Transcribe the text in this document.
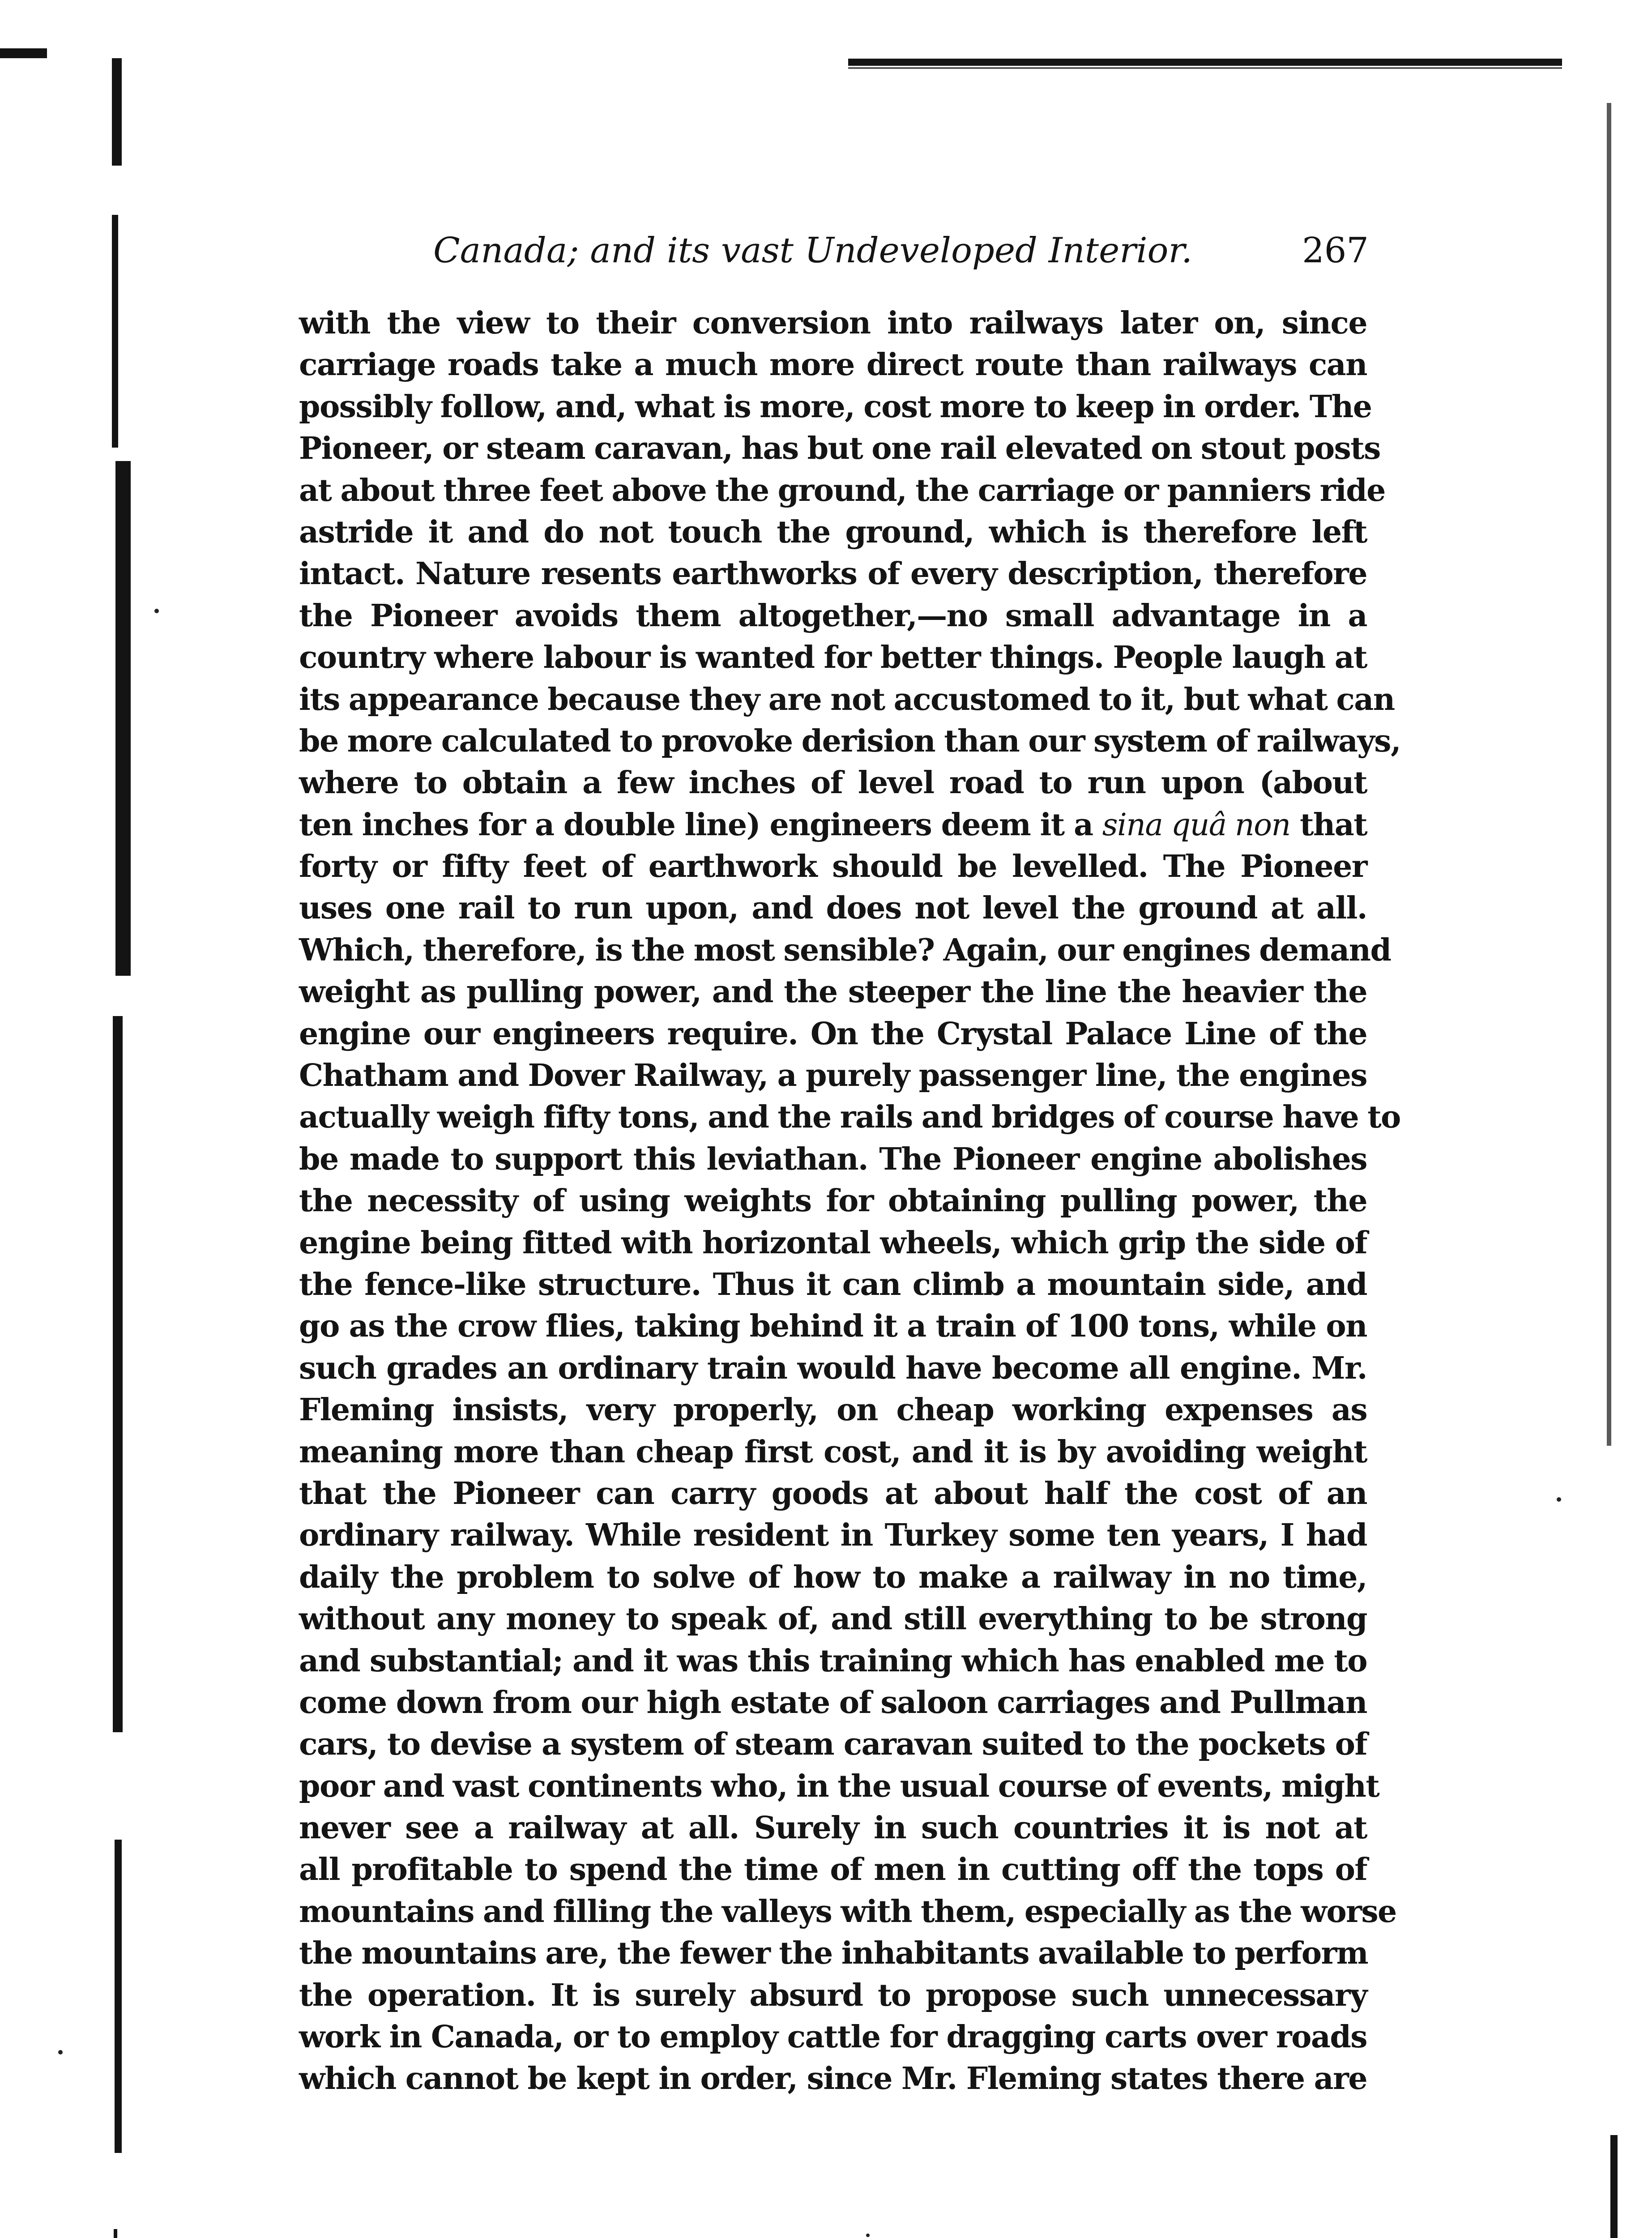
Canada; and its vast Undeveloped Interior.	267
with the view to their conversion into railways later on, since
carriage roads take a much more direct route than railways can
possibly follow, and, what is more, cost more to keep in order. The
Pioneer, or steam caravan, has but one rail elevated on stout posts
at about three feet above the ground, the carriage or panniers ride
astride it and do not touch the ground, which is therefore left
intact. Nature resents earthworks of every description, therefore
the Pioneer avoids them altogether,—no small advantage in a
country where labour is wanted for better things. People laugh at
its appearance because they are not accustomed to it, but what can
be more calculated to provoke derision than our system of railways,
where to obtain a few inches of level road to run upon (about
ten inches for a double line) engineers deem it a sina quâ non that
forty or fifty feet of earthwork should be levelled. The Pioneer
uses one rail to run upon, and does not level the ground at all.
Which, therefore, is the most sensible? Again, our engines demand
weight as pulling power, and the steeper the line the heavier the
engine our engineers require. On the Crystal Palace Line of the
Chatham and Dover Railway, a purely passenger line, the engines
actually weigh fifty tons, and the rails and bridges of course have to
be made to support this leviathan. The Pioneer engine abolishes
the necessity of using weights for obtaining pulling power, the
engine being fitted with horizontal wheels, which grip the side of
the fence-like structure. Thus it can climb a mountain side, and
go as the crow flies, taking behind it a train of 100 tons, while on
such grades an ordinary train would have become all engine. Mr.
Fleming insists, very properly, on cheap working expenses as
meaning more than cheap first cost, and it is by avoiding weight
that the Pioneer can carry goods at about half the cost of an
ordinary railway. While resident in Turkey some ten years, I had
daily the problem to solve of how to make a railway in no time,
without any money to speak of, and still everything to be strong
and substantial; and it was this training which has enabled me to
come down from our high estate of saloon carriages and Pullman
cars, to devise a system of steam caravan suited to the pockets of
poor and vast continents who, in the usual course of events, might
never see a railway at all. Surely in such countries it is not at
all profitable to spend the time of men in cutting off the tops of
mountains and filling the valleys with them, especially as the worse
the mountains are, the fewer the inhabitants available to perform
the operation. It is surely absurd to propose such unnecessary
work in Canada, or to employ cattle for dragging carts over roads
which cannot be kept in order, since Mr. Fleming states there are
